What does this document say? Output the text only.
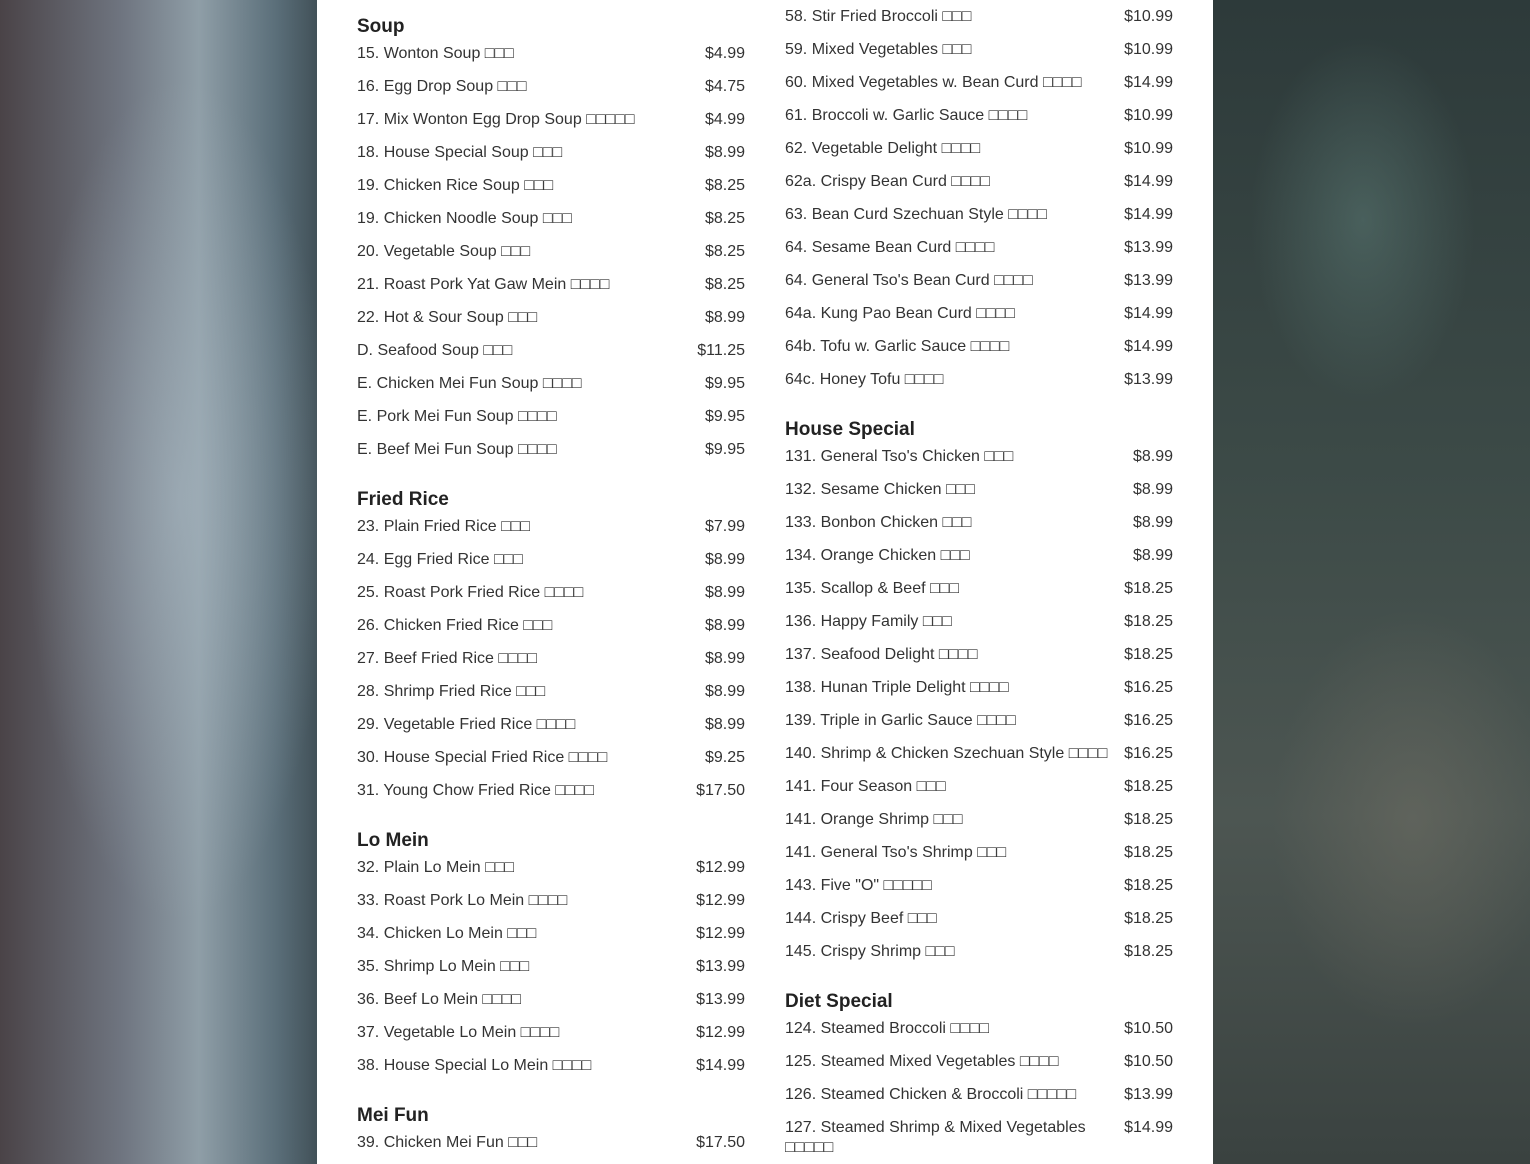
Soup
15. Wonton Soup □□□	$4.99
16. Egg Drop Soup □□□	$4.75
17. Mix Wonton Egg Drop Soup □□□□□	$4.99
18. House Special Soup □□□	$8.99
19. Chicken Rice Soup □□□	$8.25
19. Chicken Noodle Soup □□□	$8.25
20. Vegetable Soup □□□	$8.25
21. Roast Pork Yat Gaw Mein □□□□	$8.25
22. Hot & Sour Soup □□□	$8.99
D. Seafood Soup □□□	$11.25
E. Chicken Mei Fun Soup □□□□	$9.95
E. Pork Mei Fun Soup □□□□	$9.95
E. Beef Mei Fun Soup □□□□	$9.95
Fried Rice
23. Plain Fried Rice □□□	$7.99
24. Egg Fried Rice □□□	$8.99
25. Roast Pork Fried Rice □□□□	$8.99
26. Chicken Fried Rice □□□	$8.99
27. Beef Fried Rice □□□□	$8.99
28. Shrimp Fried Rice □□□	$8.99
29. Vegetable Fried Rice □□□□	$8.99
30. House Special Fried Rice □□□□	$9.25
31. Young Chow Fried Rice □□□□	$17.50
Lo Mein
32. Plain Lo Mein □□□	$12.99
33. Roast Pork Lo Mein □□□□	$12.99
34. Chicken Lo Mein □□□	$12.99
35. Shrimp Lo Mein □□□	$13.99
36. Beef Lo Mein □□□□	$13.99
37. Vegetable Lo Mein □□□□	$12.99
38. House Special Lo Mein □□□□	$14.99
Mei Fun
39. Chicken Mei Fun □□□	$17.50
58. Stir Fried Broccoli □□□	$10.99
59. Mixed Vegetables □□□	$10.99
60. Mixed Vegetables w. Bean Curd □□□□	$14.99
61. Broccoli w. Garlic Sauce □□□□	$10.99
62. Vegetable Delight □□□□	$10.99
62a. Crispy Bean Curd □□□□	$14.99
63. Bean Curd Szechuan Style □□□□	$14.99
64. Sesame Bean Curd □□□□	$13.99
64. General Tso's Bean Curd □□□□	$13.99
64a. Kung Pao Bean Curd □□□□	$14.99
64b. Tofu w. Garlic Sauce □□□□	$14.99
64c. Honey Tofu □□□□	$13.99
House Special
131. General Tso's Chicken □□□	$8.99
132. Sesame Chicken □□□	$8.99
133. Bonbon Chicken □□□	$8.99
134. Orange Chicken □□□	$8.99
135. Scallop & Beef □□□	$18.25
136. Happy Family □□□	$18.25
137. Seafood Delight □□□□	$18.25
138. Hunan Triple Delight □□□□	$16.25
139. Triple in Garlic Sauce □□□□	$16.25
140. Shrimp & Chicken Szechuan Style □□□□	$16.25
141. Four Season □□□	$18.25
141. Orange Shrimp □□□	$18.25
141. General Tso's Shrimp □□□	$18.25
143. Five "O" □□□□□	$18.25
144. Crispy Beef □□□	$18.25
145. Crispy Shrimp □□□	$18.25
Diet Special
124. Steamed Broccoli □□□□	$10.50
125. Steamed Mixed Vegetables □□□□	$10.50
126. Steamed Chicken & Broccoli □□□□□	$13.99
127. Steamed Shrimp & Mixed Vegetables □□□□□
$14.99
